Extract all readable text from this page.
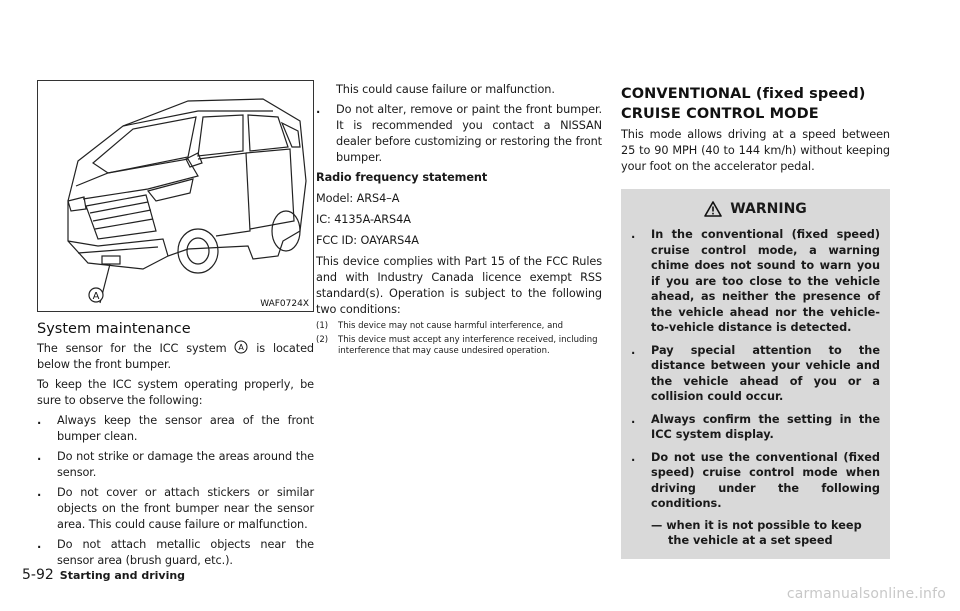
A
WAF0724X
System maintenance

The sensor for the ICC system A is located below the front bumper.

To keep the ICC system operating properly, be sure to observe the following:

. Always keep the sensor area of the front bumper clean.
. Do not strike or damage the areas around the sensor.
. Do not cover or attach stickers or similar objects on the front bumper near the sensor area. This could cause failure or malfunction.
. Do not attach metallic objects near the sensor area (brush guard, etc.).

This could cause failure or malfunction.

. Do not alter, remove or paint the front bumper. It is recommended you contact a NISSAN dealer before customizing or restoring the front bumper.

Radio frequency statement

Model: ARS4–A

IC: 4135A-ARS4A

FCC ID: OAYARS4A

This device complies with Part 15 of the FCC Rules and with Industry Canada licence exempt RSS standard(s). Operation is subject to the following two conditions:

(1) This device may not cause harmful interference, and
(2) This device must accept any interference received, including interference that may cause undesired operation.
CONVENTIONAL (fixed speed)
CRUISE CONTROL MODE

This mode allows driving at a speed between 25 to 90 MPH (40 to 144 km/h) without keeping your foot on the accelerator pedal.

WARNING
. In the conventional (fixed speed) cruise control mode, a warning chime does not sound to warn you if you are too close to the vehicle ahead, as neither the presence of the vehicle ahead nor the vehicle-to-vehicle distance is detected.
. Pay special attention to the distance between your vehicle and the vehicle ahead of you or a collision could occur.
. Always confirm the setting in the ICC system display.
. Do not use the conventional (fixed speed) cruise control mode when driving under the following conditions.
— when it is not possible to keep
the vehicle at a set speed
5-92 Starting and driving
carmanualsonline.info
